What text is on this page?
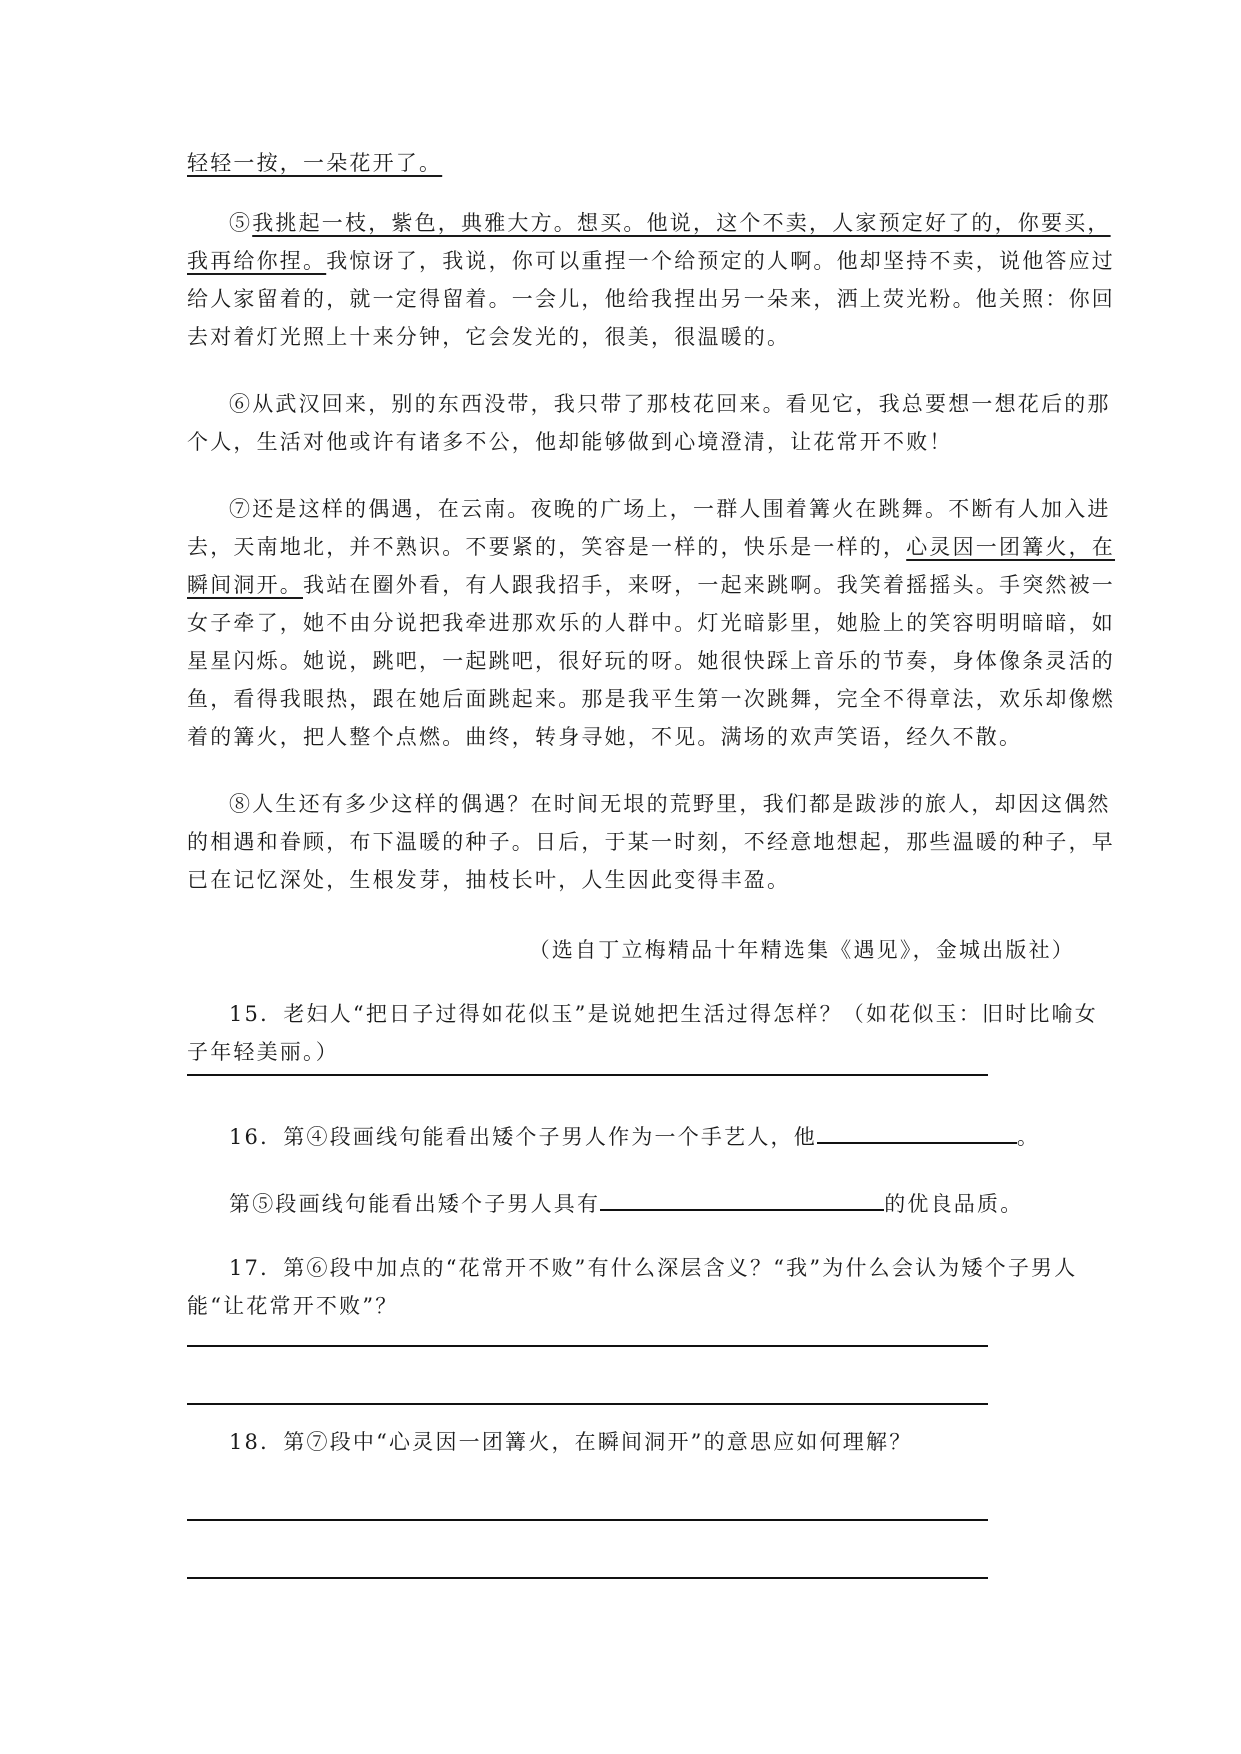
轻轻一按，一朵花开了。
⑤我挑起一枝，紫色，典雅大方。想买。他说，这个不卖，人家预定好了的，你要买，
我再给你捏。我惊讶了，我说，你可以重捏一个给预定的人啊。他却坚持不卖，说他答应过
给人家留着的，就一定得留着。一会儿，他给我捏出另一朵来，洒上荧光粉。他关照：你回
去对着灯光照上十来分钟，它会发光的，很美，很温暖的。
⑥从武汉回来，别的东西没带，我只带了那枝花回来。看见它，我总要想一想花后的那
个人，生活对他或许有诸多不公，他却能够做到心境澄清，让花常开不败！
⑦还是这样的偶遇，在云南。夜晚的广场上，一群人围着篝火在跳舞。不断有人加入进
去，天南地北，并不熟识。不要紧的，笑容是一样的，快乐是一样的，心灵因一团篝火，在
瞬间洞开。我站在圈外看，有人跟我招手，来呀，一起来跳啊。我笑着摇摇头。手突然被一
女子牵了，她不由分说把我牵进那欢乐的人群中。灯光暗影里，她脸上的笑容明明暗暗，如
星星闪烁。她说，跳吧，一起跳吧，很好玩的呀。她很快踩上音乐的节奏，身体像条灵活的
鱼，看得我眼热，跟在她后面跳起来。那是我平生第一次跳舞，完全不得章法，欢乐却像燃
着的篝火，把人整个点燃。曲终，转身寻她，不见。满场的欢声笑语，经久不散。
⑧人生还有多少这样的偶遇？在时间无垠的荒野里，我们都是跋涉的旅人，却因这偶然
的相遇和眷顾，布下温暖的种子。日后，于某一时刻，不经意地想起，那些温暖的种子，早
已在记忆深处，生根发芽，抽枝长叶，人生因此变得丰盈。
（选自丁立梅精品十年精选集《遇见》，金城出版社）
15．老妇人“把日子过得如花似玉”是说她把生活过得怎样？（如花似玉：旧时比喻女
子年轻美丽。）
16．第④段画线句能看出矮个子男人作为一个手艺人，他	。
第⑤段画线句能看出矮个子男人具有	的优良品质。
17．第⑥段中加点的“花常开不败”有什么深层含义？“我”为什么会认为矮个子男人
能“让花常开不败”？
18．第⑦段中“心灵因一团篝火，在瞬间洞开”的意思应如何理解？
